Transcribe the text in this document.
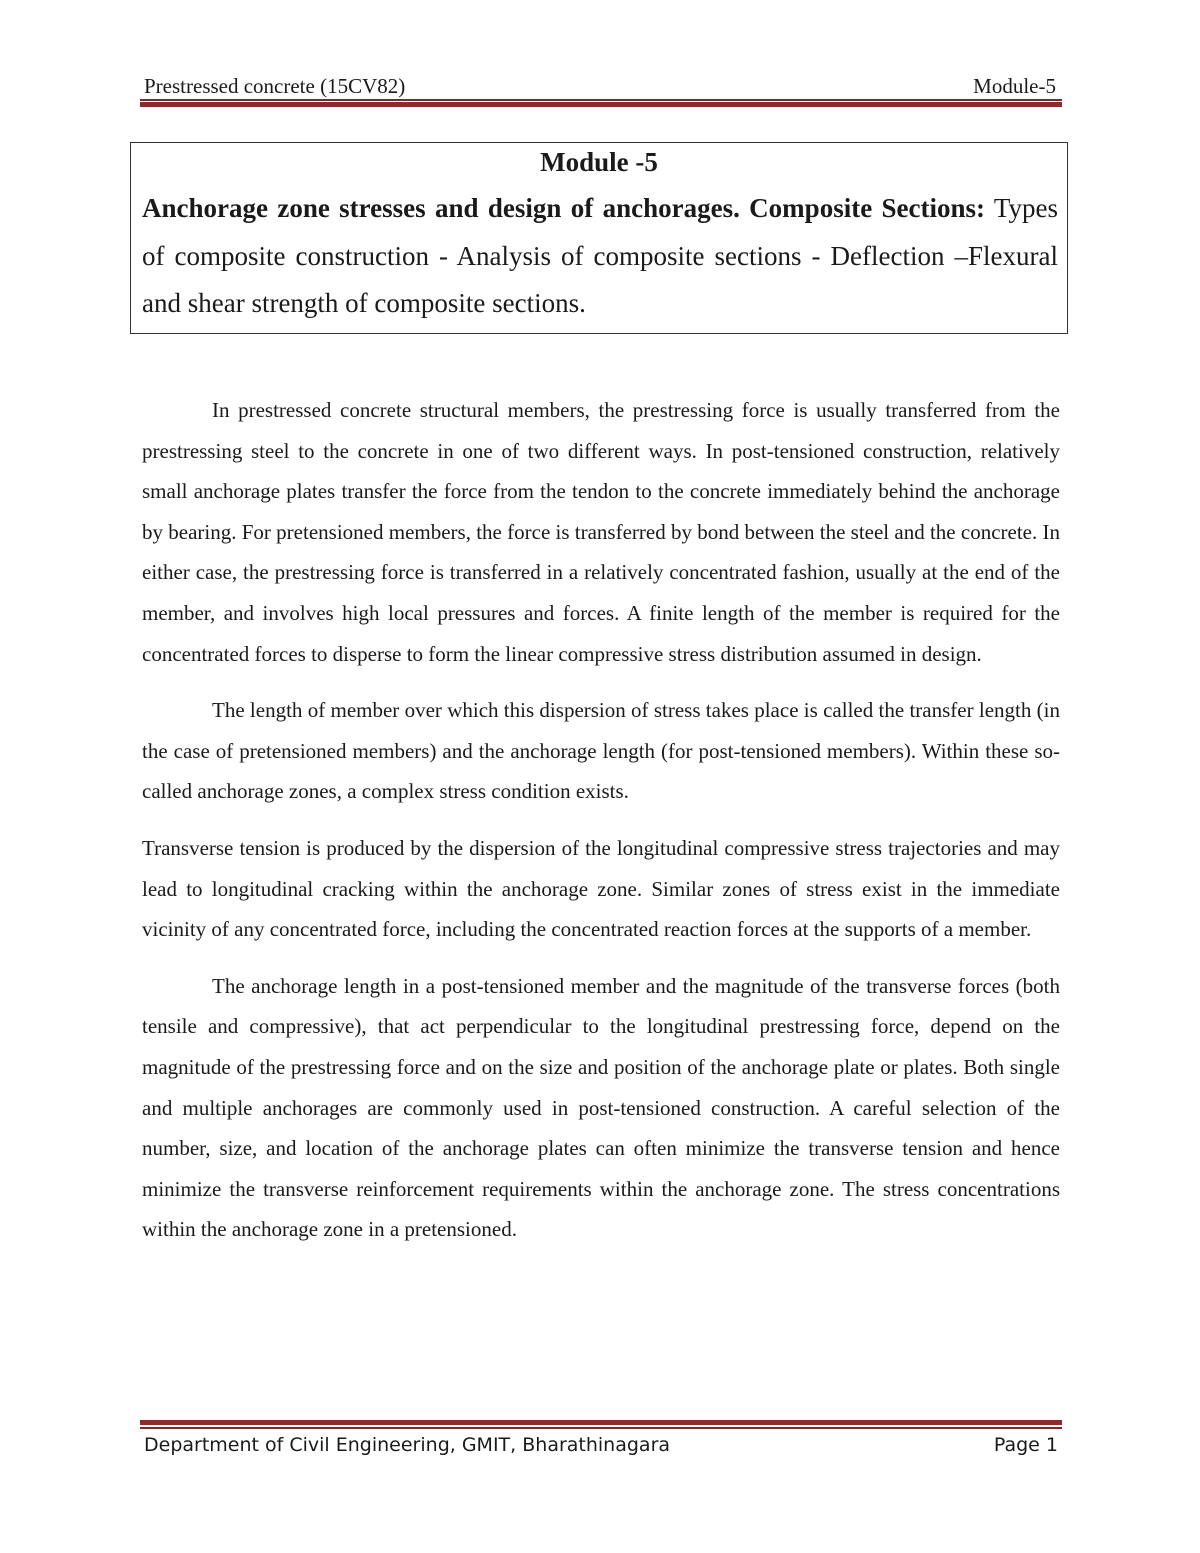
Prestressed concrete (15CV82)	Module-5
Module -5
Anchorage zone stresses and design of anchorages. Composite Sections: Types of composite construction - Analysis of composite sections - Deflection –Flexural and shear strength of composite sections.

In prestressed concrete structural members, the prestressing force is usually transferred from the prestressing steel to the concrete in one of two different ways. In post-tensioned construction, relatively small anchorage plates transfer the force from the tendon to the concrete immediately behind the anchorage by bearing. For pretensioned members, the force is transferred by bond between the steel and the concrete. In either case, the prestressing force is transferred in a relatively concentrated fashion, usually at the end of the member, and involves high local pressures and forces. A finite length of the member is required for the concentrated forces to disperse to form the linear compressive stress distribution assumed in design.

The length of member over which this dispersion of stress takes place is called the transfer length (in the case of pretensioned members) and the anchorage length (for post-tensioned members). Within these so-called anchorage zones, a complex stress condition exists.

Transverse tension is produced by the dispersion of the longitudinal compressive stress trajectories and may lead to longitudinal cracking within the anchorage zone. Similar zones of stress exist in the immediate vicinity of any concentrated force, including the concentrated reaction forces at the supports of a member.

The anchorage length in a post-tensioned member and the magnitude of the transverse forces (both tensile and compressive), that act perpendicular to the longitudinal prestressing force, depend on the magnitude of the prestressing force and on the size and position of the anchorage plate or plates. Both single and multiple anchorages are commonly used in post-tensioned construction. A careful selection of the number, size, and location of the anchorage plates can often minimize the transverse tension and hence minimize the transverse reinforcement requirements within the anchorage zone. The stress concentrations within the anchorage zone in a pretensioned.

Department of Civil Engineering, GMIT, Bharathinagara	Page 1
